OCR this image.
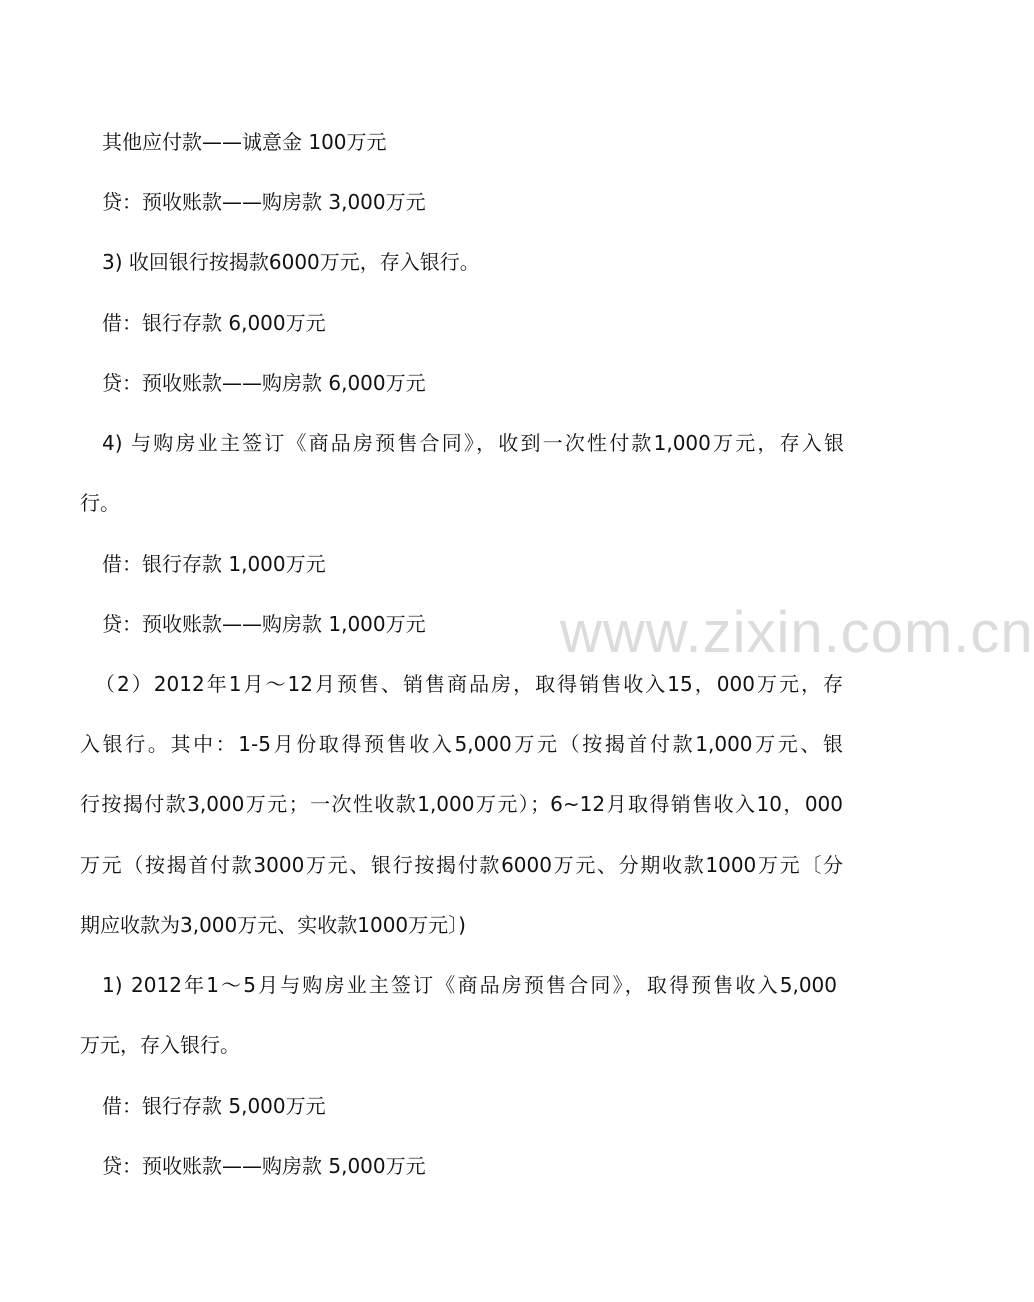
www.zixin.com.cn
其他应付款——诚意金 100万元
贷：预收账款——购房款 3,000万元
3) 收回银行按揭款6000万元，存入银行。
借：银行存款 6,000万元
贷：预收账款——购房款 6,000万元
4) 与购房业主签订《商品房预售合同》，收到一次性付款1,000万元，存入银
行。
借：银行存款 1,000万元
贷：预收账款——购房款 1,000万元
（2）2012年1月～12月预售、销售商品房，取得销售收入15，000万元，存
入银行。其中：1-5月份取得预售收入5,000万元（按揭首付款1,000万元、银
行按揭付款3,000万元；一次性收款1,000万元）；6~12月取得销售收入10，000
万元（按揭首付款3000万元、银行按揭付款6000万元、分期收款1000万元〔分
期应收款为3,000万元、实收款1000万元〕)
1) 2012年1～5月与购房业主签订《商品房预售合同》，取得预售收入5,000
万元，存入银行。
借：银行存款 5,000万元
贷：预收账款——购房款 5,000万元
